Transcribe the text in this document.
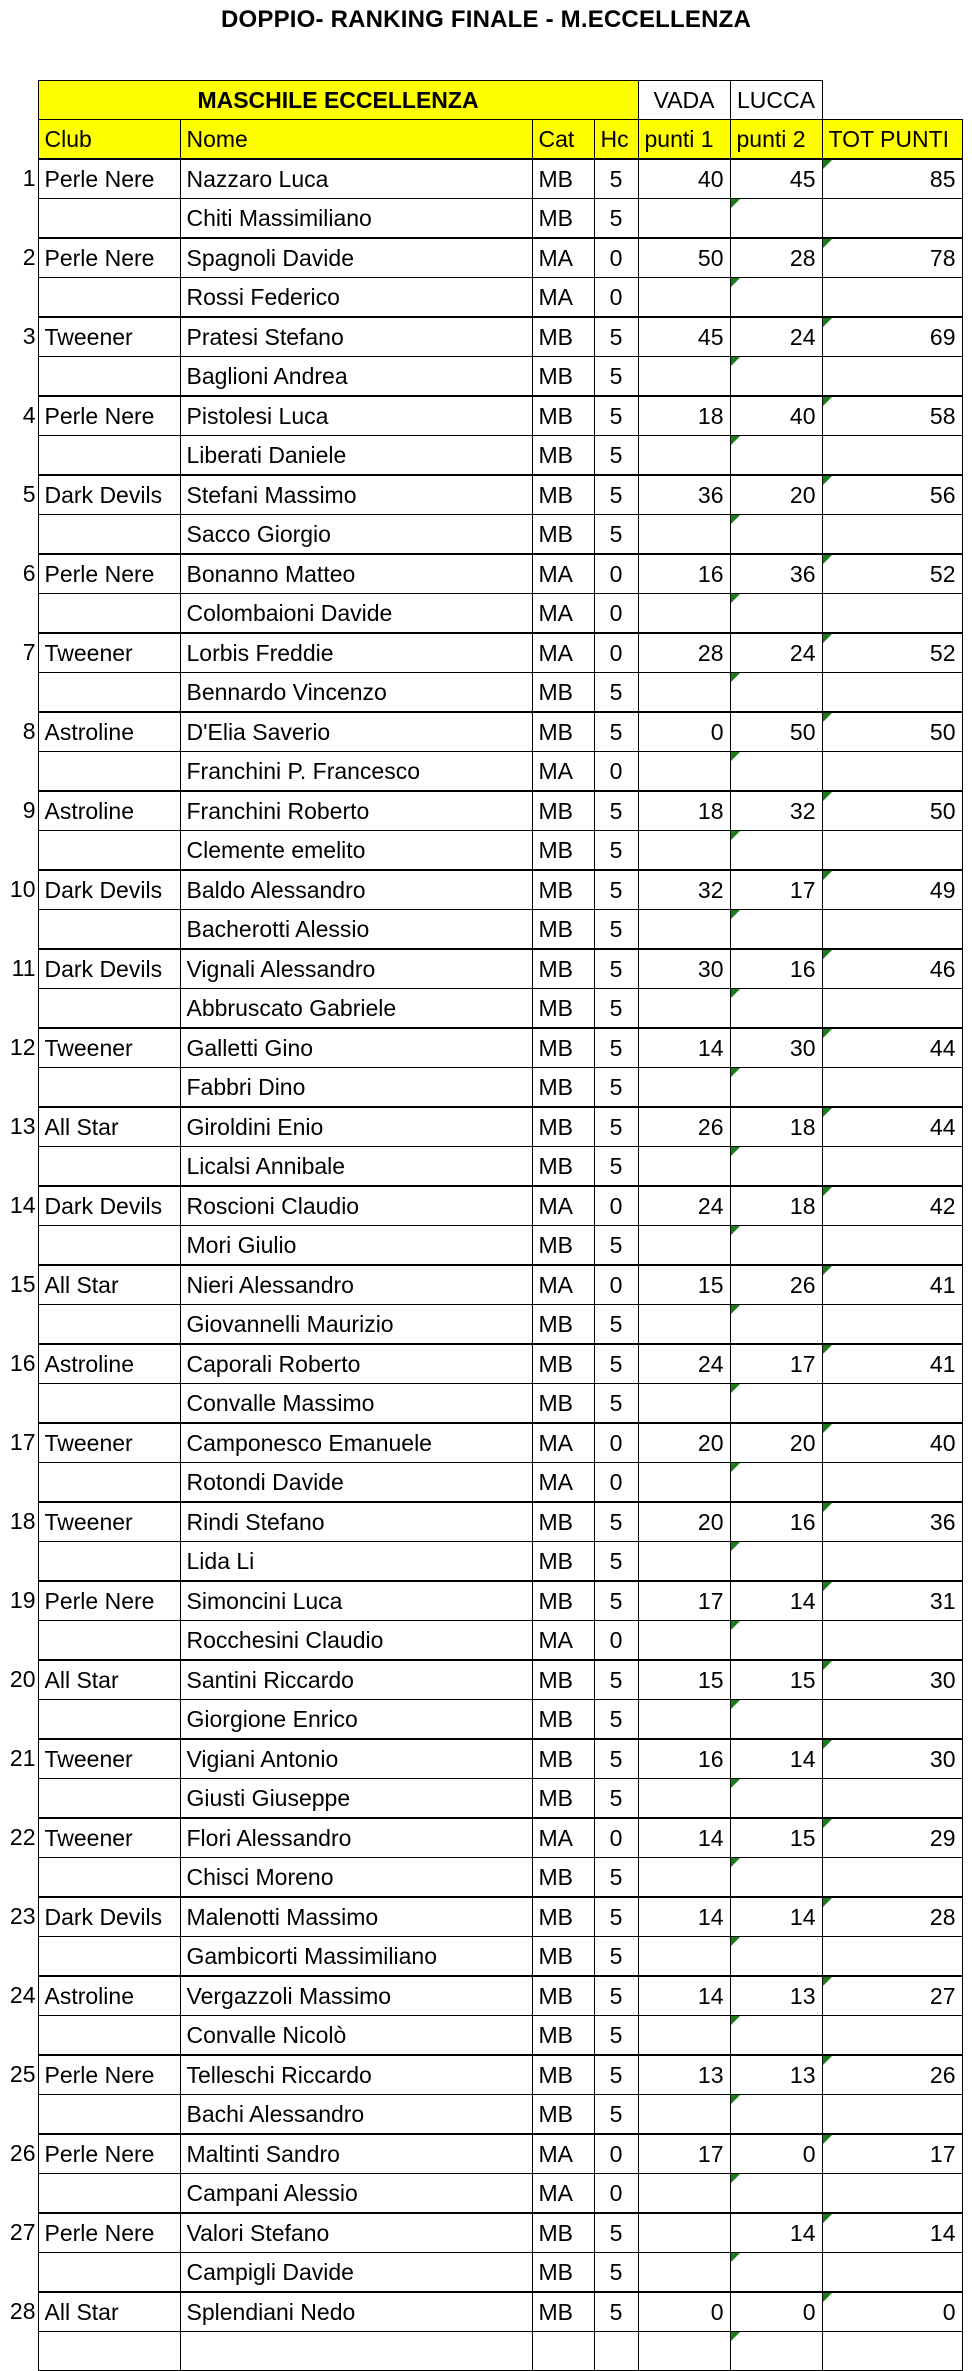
DOPPIO- RANKING FINALE - M.ECCELLENZA
	MASCHILE ECCELLENZA				VADA	LUCCA	
	Club	Nome	Cat	Hc	punti 1	punti 2	TOT PUNTI
1	Perle Nere	Nazzaro Luca	MB	5	40	45	85
		Chiti Massimiliano	MB	5			
2	Perle Nere	Spagnoli Davide	MA	0	50	28	78
		Rossi Federico	MA	0			
3	Tweener	Pratesi Stefano	MB	5	45	24	69
		Baglioni Andrea	MB	5			
4	Perle Nere	Pistolesi Luca	MB	5	18	40	58
		Liberati Daniele	MB	5			
5	Dark Devils	Stefani Massimo	MB	5	36	20	56
		Sacco Giorgio	MB	5			
6	Perle Nere	Bonanno Matteo	MA	0	16	36	52
		Colombaioni Davide	MA	0			
7	Tweener	Lorbis Freddie	MA	0	28	24	52
		Bennardo Vincenzo	MB	5			
8	Astroline	D'Elia Saverio	MB	5	0	50	50
		Franchini P. Francesco	MA	0			
9	Astroline	Franchini Roberto	MB	5	18	32	50
		Clemente emelito	MB	5			
10	Dark Devils	Baldo Alessandro	MB	5	32	17	49
		Bacherotti Alessio	MB	5			
11	Dark Devils	Vignali Alessandro	MB	5	30	16	46
		Abbruscato Gabriele	MB	5			
12	Tweener	Galletti Gino	MB	5	14	30	44
		Fabbri Dino	MB	5			
13	All Star	Giroldini Enio	MB	5	26	18	44
		Licalsi Annibale	MB	5			
14	Dark Devils	Roscioni Claudio	MA	0	24	18	42
		Mori Giulio	MB	5			
15	All Star	Nieri Alessandro	MA	0	15	26	41
		Giovannelli Maurizio	MB	5			
16	Astroline	Caporali Roberto	MB	5	24	17	41
		Convalle Massimo	MB	5			
17	Tweener	Camponesco Emanuele	MA	0	20	20	40
		Rotondi Davide	MA	0			
18	Tweener	Rindi Stefano	MB	5	20	16	36
		Lida Li	MB	5			
19	Perle Nere	Simoncini Luca	MB	5	17	14	31
		Rocchesini Claudio	MA	0			
20	All Star	Santini Riccardo	MB	5	15	15	30
		Giorgione Enrico	MB	5			
21	Tweener	Vigiani Antonio	MB	5	16	14	30
		Giusti Giuseppe	MB	5			
22	Tweener	Flori Alessandro	MA	0	14	15	29
		Chisci Moreno	MB	5			
23	Dark Devils	Malenotti Massimo	MB	5	14	14	28
		Gambicorti Massimiliano	MB	5			
24	Astroline	Vergazzoli Massimo	MB	5	14	13	27
		Convalle Nicolò	MB	5			
25	Perle Nere	Telleschi Riccardo	MB	5	13	13	26
		Bachi Alessandro	MB	5			
26	Perle Nere	Maltinti Sandro	MA	0	17	0	17
		Campani Alessio	MA	0			
27	Perle Nere	Valori Stefano	MB	5		14	14
		Campigli Davide	MB	5			
28	All Star	Splendiani Nedo	MB	5	0	0	0
